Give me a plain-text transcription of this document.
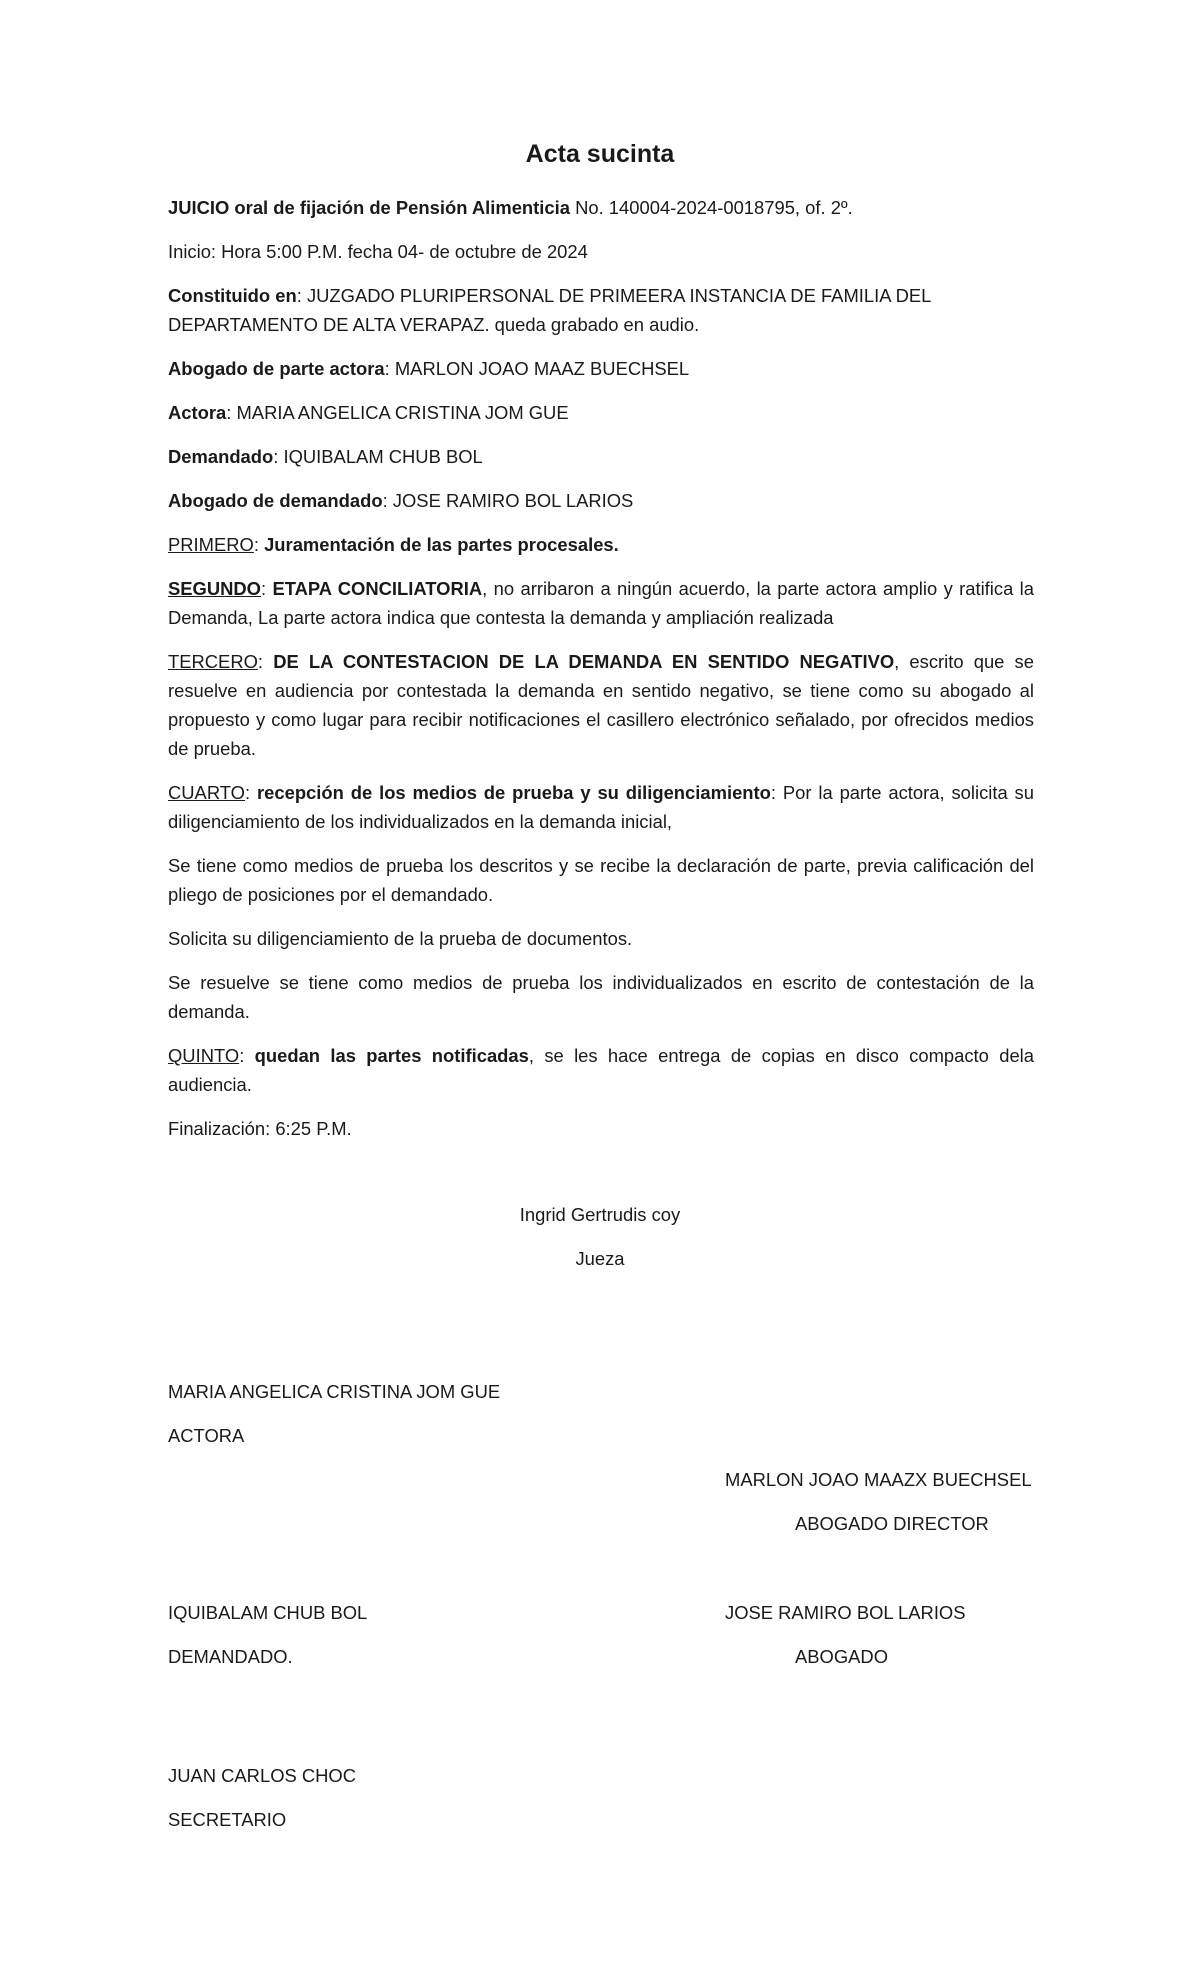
Acta sucinta

JUICIO oral de fijación de Pensión Alimenticia No. 140004-2024-0018795, of. 2º.

Inicio: Hora 5:00 P.M. fecha 04- de octubre de 2024

Constituido en: JUZGADO PLURIPERSONAL DE PRIMEERA INSTANCIA DE FAMILIA DEL DEPARTAMENTO DE ALTA VERAPAZ. queda grabado en audio.

Abogado de parte actora: MARLON JOAO MAAZ BUECHSEL

Actora: MARIA ANGELICA CRISTINA JOM GUE

Demandado: IQUIBALAM CHUB BOL

Abogado de demandado: JOSE RAMIRO BOL LARIOS

PRIMERO: Juramentación de las partes procesales.

SEGUNDO: ETAPA CONCILIATORIA, no arribaron a ningún acuerdo, la parte actora amplio y ratifica la Demanda, La parte actora indica que contesta la demanda y ampliación realizada

TERCERO: DE LA CONTESTACION DE LA DEMANDA EN SENTIDO NEGATIVO, escrito que se resuelve en audiencia por contestada la demanda en sentido negativo, se tiene como su abogado al propuesto y como lugar para recibir notificaciones el casillero electrónico señalado, por ofrecidos medios de prueba.

CUARTO: recepción de los medios de prueba y su diligenciamiento: Por la parte actora, solicita su diligenciamiento de los individualizados en la demanda inicial,

Se tiene como medios de prueba los descritos y se recibe la declaración de parte, previa calificación del pliego de posiciones por el demandado.

Solicita su diligenciamiento de la prueba de documentos.

Se resuelve se tiene como medios de prueba los individualizados en escrito de contestación de la demanda.

QUINTO: quedan las partes notificadas, se les hace entrega de copias en disco compacto dela audiencia.

Finalización: 6:25 P.M.

Ingrid Gertrudis coy
Jueza
MARIA ANGELICA CRISTINA JOM GUE
ACTORA
MARLON JOAO MAAZX BUECHSEL
ABOGADO DIRECTOR
IQUIBALAM CHUB BOL
DEMANDADO.
JOSE RAMIRO BOL LARIOS
ABOGADO
JUAN CARLOS CHOC
SECRETARIO
